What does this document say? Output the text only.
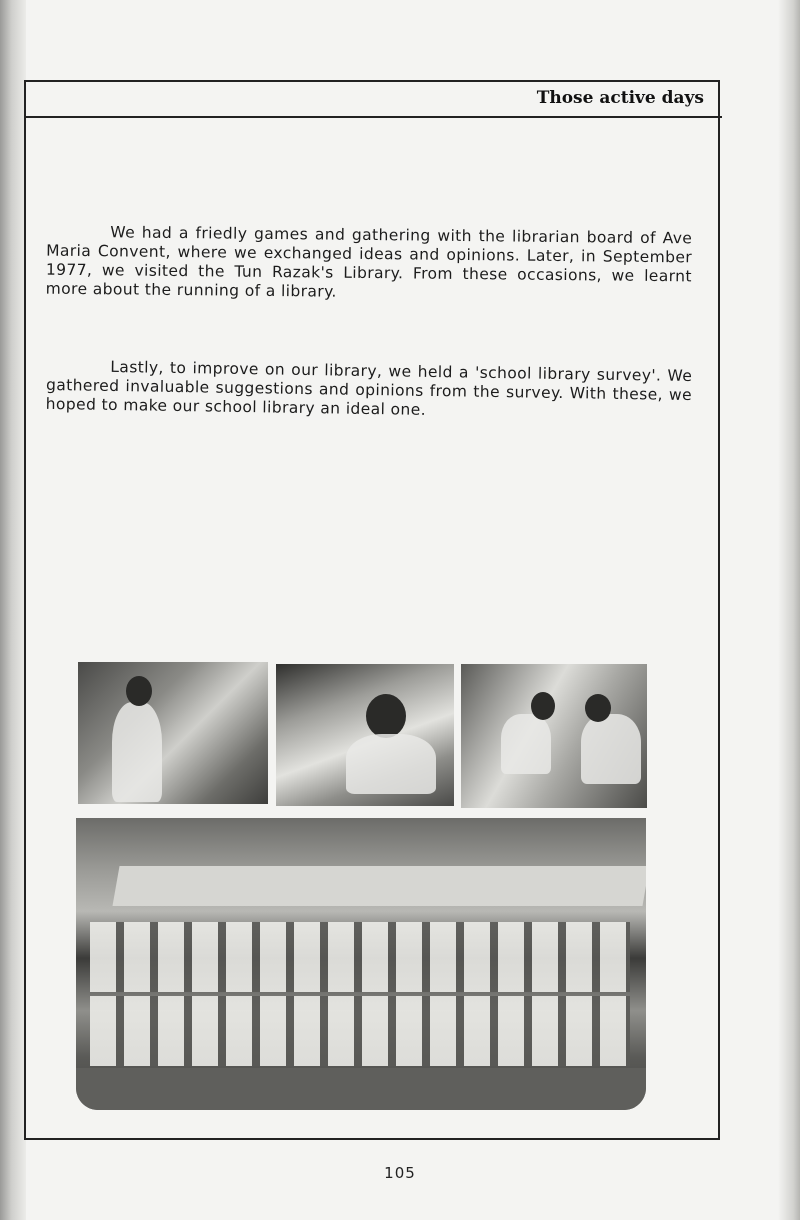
Those active days

We had a friedly games and gathering with the librarian board of Ave Maria Convent, where we exchanged ideas and opinions. Later, in September 1977, we visited the Tun Razak's Library. From these occasions, we learnt more about the running of a library.

Lastly, to improve on our library, we held a 'school library survey'. We gathered invaluable suggestions and opinions from the survey. With these, we hoped to make our school library an ideal one.

105
